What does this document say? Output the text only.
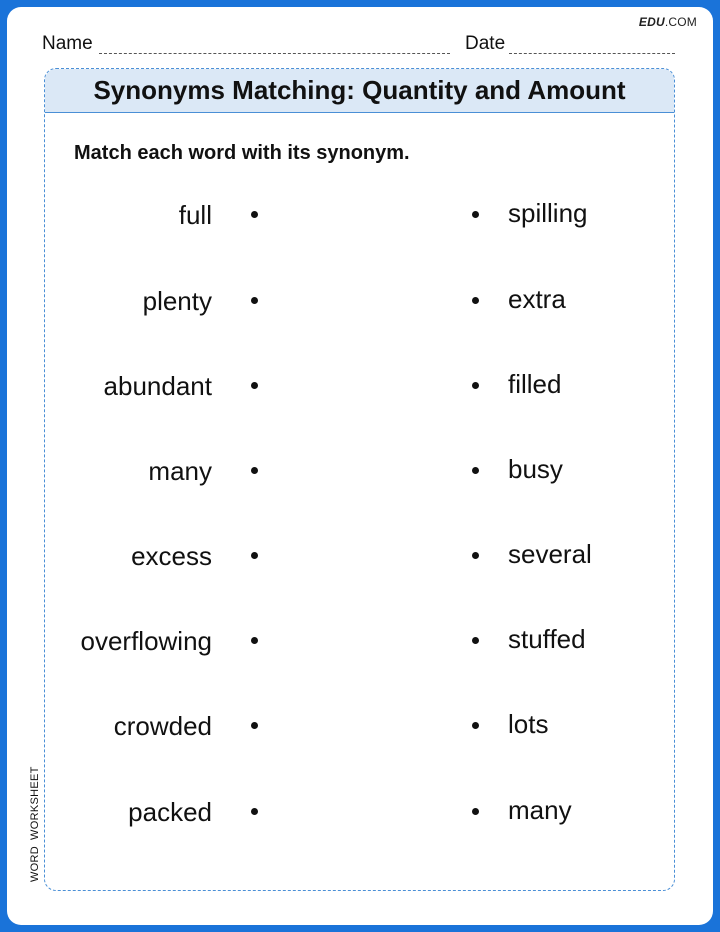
EDU.COM
Name	Date
Synonyms Matching: Quantity and Amount
Match each word with its synonym.
full	spilling
plenty	extra
abundant	filled
many	busy
excess	several
overflowing	stuffed
crowded	lots
packed	many
WORDWORKSHEET
